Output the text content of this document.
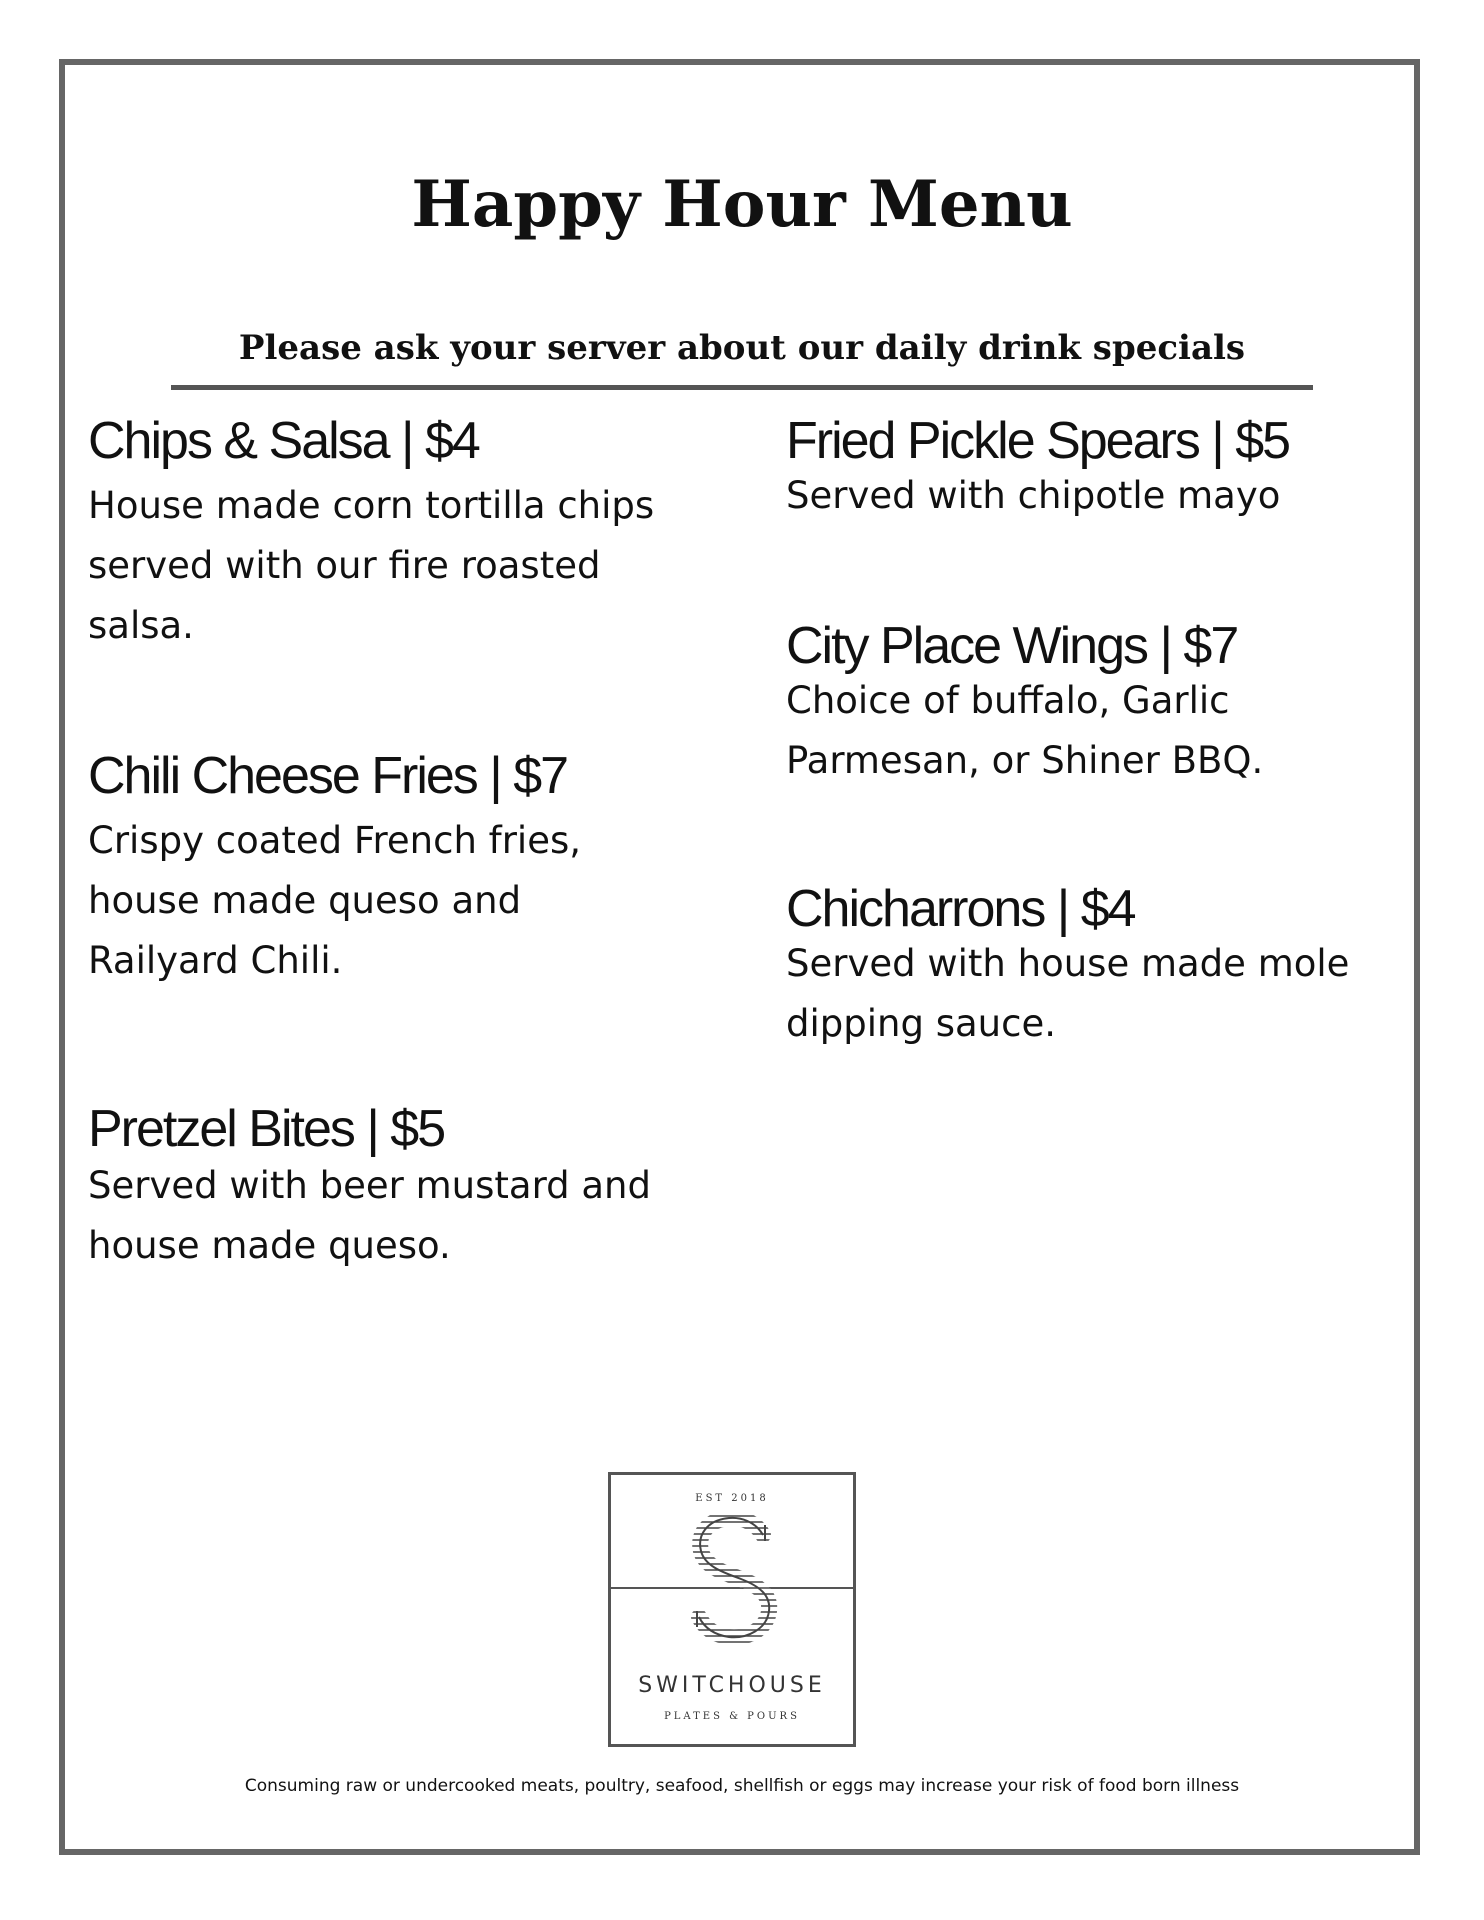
Happy Hour Menu
Please ask your server about our daily drink specials

Chips & Salsa | $4

House made corn tortilla chips
served with our fire roasted
salsa.

Chili Cheese Fries | $7

Crispy coated French fries,
house made queso and
Railyard Chili.

Pretzel Bites | $5

Served with beer mustard and
house made queso.

Fried Pickle Spears | $5

Served with chipotle mayo

City Place Wings | $7

Choice of buffalo, Garlic
Parmesan, or Shiner BBQ.

Chicharrons | $4

Served with house made mole
dipping sauce.

EST 2018
SWITCHOUSE
PLATES & POURS

Consuming raw or undercooked meats, poultry, seafood, shellfish or eggs may increase your risk of food born illness
